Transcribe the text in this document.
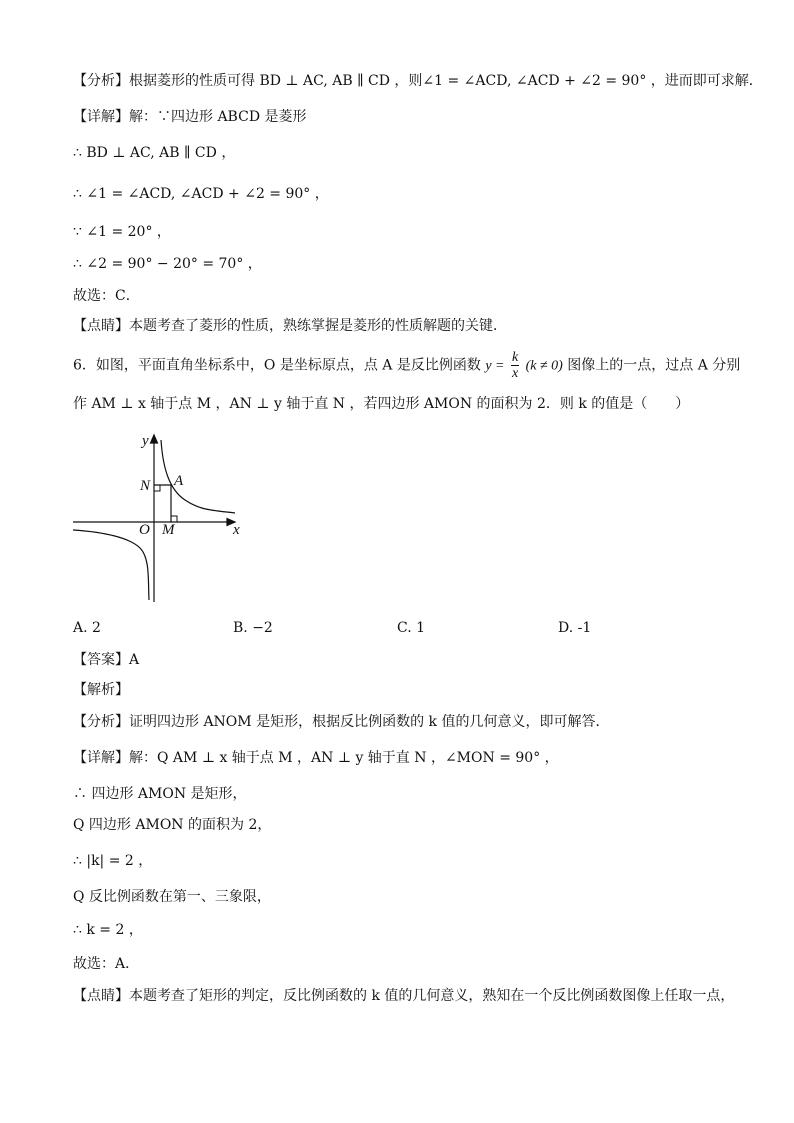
【分析】根据菱形的性质可得 BD ⊥ AC, AB ∥ CD ，则∠1 = ∠ACD, ∠ACD + ∠2 = 90° ，进而即可求解．
【详解】解：∵四边形 ABCD 是菱形
∴ BD ⊥ AC, AB ∥ CD ，
∴ ∠1 = ∠ACD, ∠ACD + ∠2 = 90° ，
∵ ∠1 = 20° ，
∴ ∠2 = 90° − 20° = 70° ，
故选：C．
【点睛】本题考查了菱形的性质，熟练掌握是菱形的性质解题的关键．
6．如图，平面直角坐标系中，O 是坐标原点，点 A 是反比例函数 $y = \frac{k}{x} (k \ne 0)$ 图像上的一点，过点 A 分别
作 AM ⊥ x 轴于点 M ，AN ⊥ y 轴于直 N ，若四边形 AMON 的面积为 2．则 k 的值是（　　）
y
x
N A
O M
A. 2	B. −2	C. 1	D. -1
【答案】A
【解析】
【分析】证明四边形 ANOM 是矩形，根据反比例函数的 k 值的几何意义，即可解答．
【详解】解：Q AM ⊥ x 轴于点 M ，AN ⊥ y 轴于直 N ，∠MON = 90° ，
∴ 四边形 AMON 是矩形，
Q 四边形 AMON 的面积为 2，
∴ |k| = 2 ，
Q 反比例函数在第一、三象限，
∴ k = 2 ，
故选：A．
【点睛】本题考查了矩形的判定，反比例函数的 k 值的几何意义，熟知在一个反比例函数图像上任取一点，
